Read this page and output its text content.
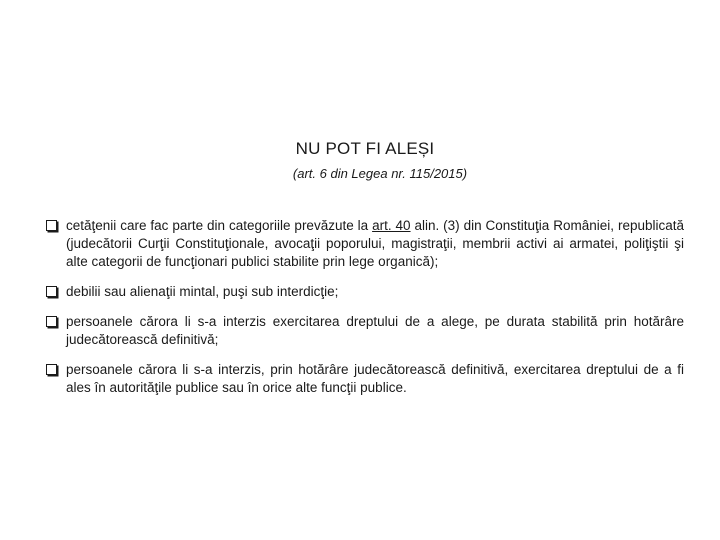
NU POT FI ALEȘI
(art. 6 din Legea nr. 115/2015)
cetăţenii care fac parte din categoriile prevăzute la art. 40 alin. (3) din Constituţia României, republicată (judecătorii Curţii Constituţionale, avocaţii poporului, magistraţii, membrii activi ai armatei, poliţiştii şi alte categorii de funcţionari publici stabilite prin lege organică);
debilii sau alienaţii mintal, puşi sub interdicţie;
persoanele cărora li s-a interzis exercitarea dreptului de a alege, pe durata stabilită prin hotărâre judecătorească definitivă;
persoanele cărora li s-a interzis, prin hotărâre judecătorească definitivă, exercitarea dreptului de a fi ales în autorităţile publice sau în orice alte funcţii publice.
